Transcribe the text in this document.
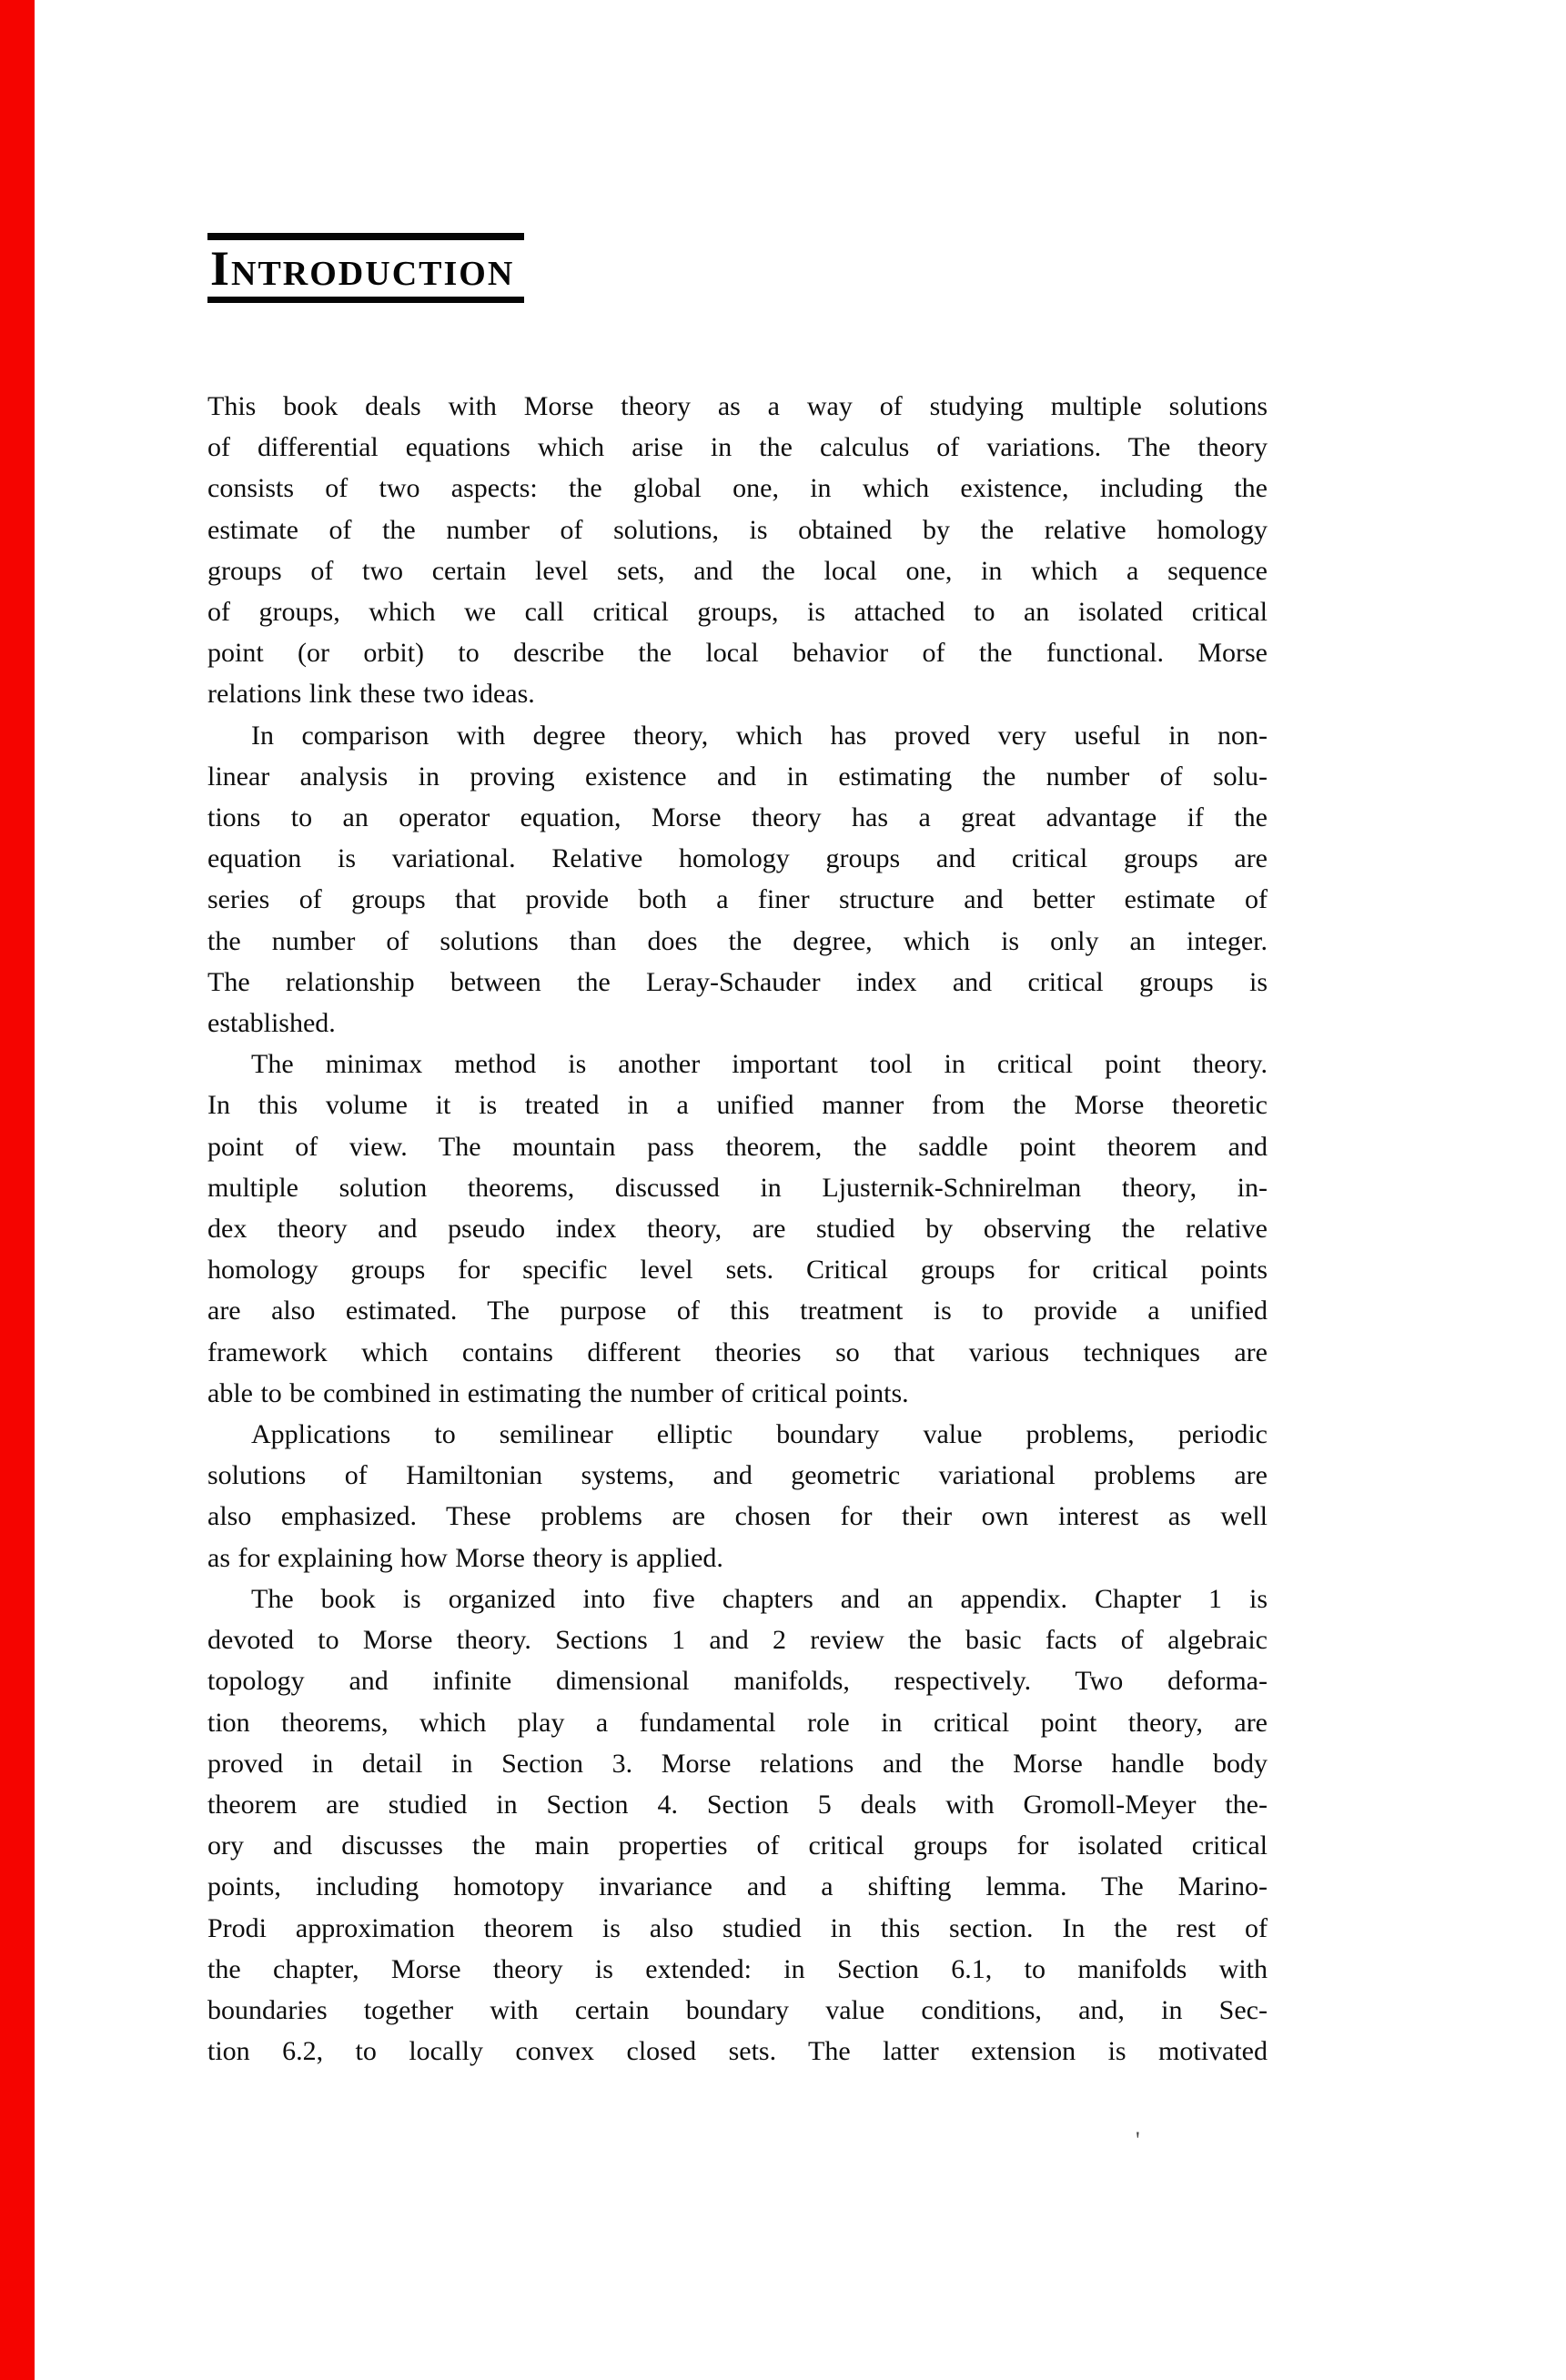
Introduction
This book deals with Morse theory as a way of studying multiple solutions
of differential equations which arise in the calculus of variations. The theory
consists of two aspects: the global one, in which existence, including the
estimate of the number of solutions, is obtained by the relative homology
groups of two certain level sets, and the local one, in which a sequence
of groups, which we call critical groups, is attached to an isolated critical
point (or orbit) to describe the local behavior of the functional. Morse
relations link these two ideas.
In comparison with degree theory, which has proved very useful in non-
linear analysis in proving existence and in estimating the number of solu-
tions to an operator equation, Morse theory has a great advantage if the
equation is variational. Relative homology groups and critical groups are
series of groups that provide both a finer structure and better estimate of
the number of solutions than does the degree, which is only an integer.
The relationship between the Leray-Schauder index and critical groups is
established.
The minimax method is another important tool in critical point theory.
In this volume it is treated in a unified manner from the Morse theoretic
point of view. The mountain pass theorem, the saddle point theorem and
multiple solution theorems, discussed in Ljusternik-Schnirelman theory, in-
dex theory and pseudo index theory, are studied by observing the relative
homology groups for specific level sets. Critical groups for critical points
are also estimated. The purpose of this treatment is to provide a unified
framework which contains different theories so that various techniques are
able to be combined in estimating the number of critical points.
Applications to semilinear elliptic boundary value problems, periodic
solutions of Hamiltonian systems, and geometric variational problems are
also emphasized. These problems are chosen for their own interest as well
as for explaining how Morse theory is applied.
The book is organized into five chapters and an appendix. Chapter 1 is
devoted to Morse theory. Sections 1 and 2 review the basic facts of algebraic
topology and infinite dimensional manifolds, respectively. Two deforma-
tion theorems, which play a fundamental role in critical point theory, are
proved in detail in Section 3. Morse relations and the Morse handle body
theorem are studied in Section 4. Section 5 deals with Gromoll-Meyer the-
ory and discusses the main properties of critical groups for isolated critical
points, including homotopy invariance and a shifting lemma. The Marino-
Prodi approximation theorem is also studied in this section. In the rest of
the chapter, Morse theory is extended: in Section 6.1, to manifolds with
boundaries together with certain boundary value conditions, and, in Sec-
tion 6.2, to locally convex closed sets. The latter extension is motivated
'
